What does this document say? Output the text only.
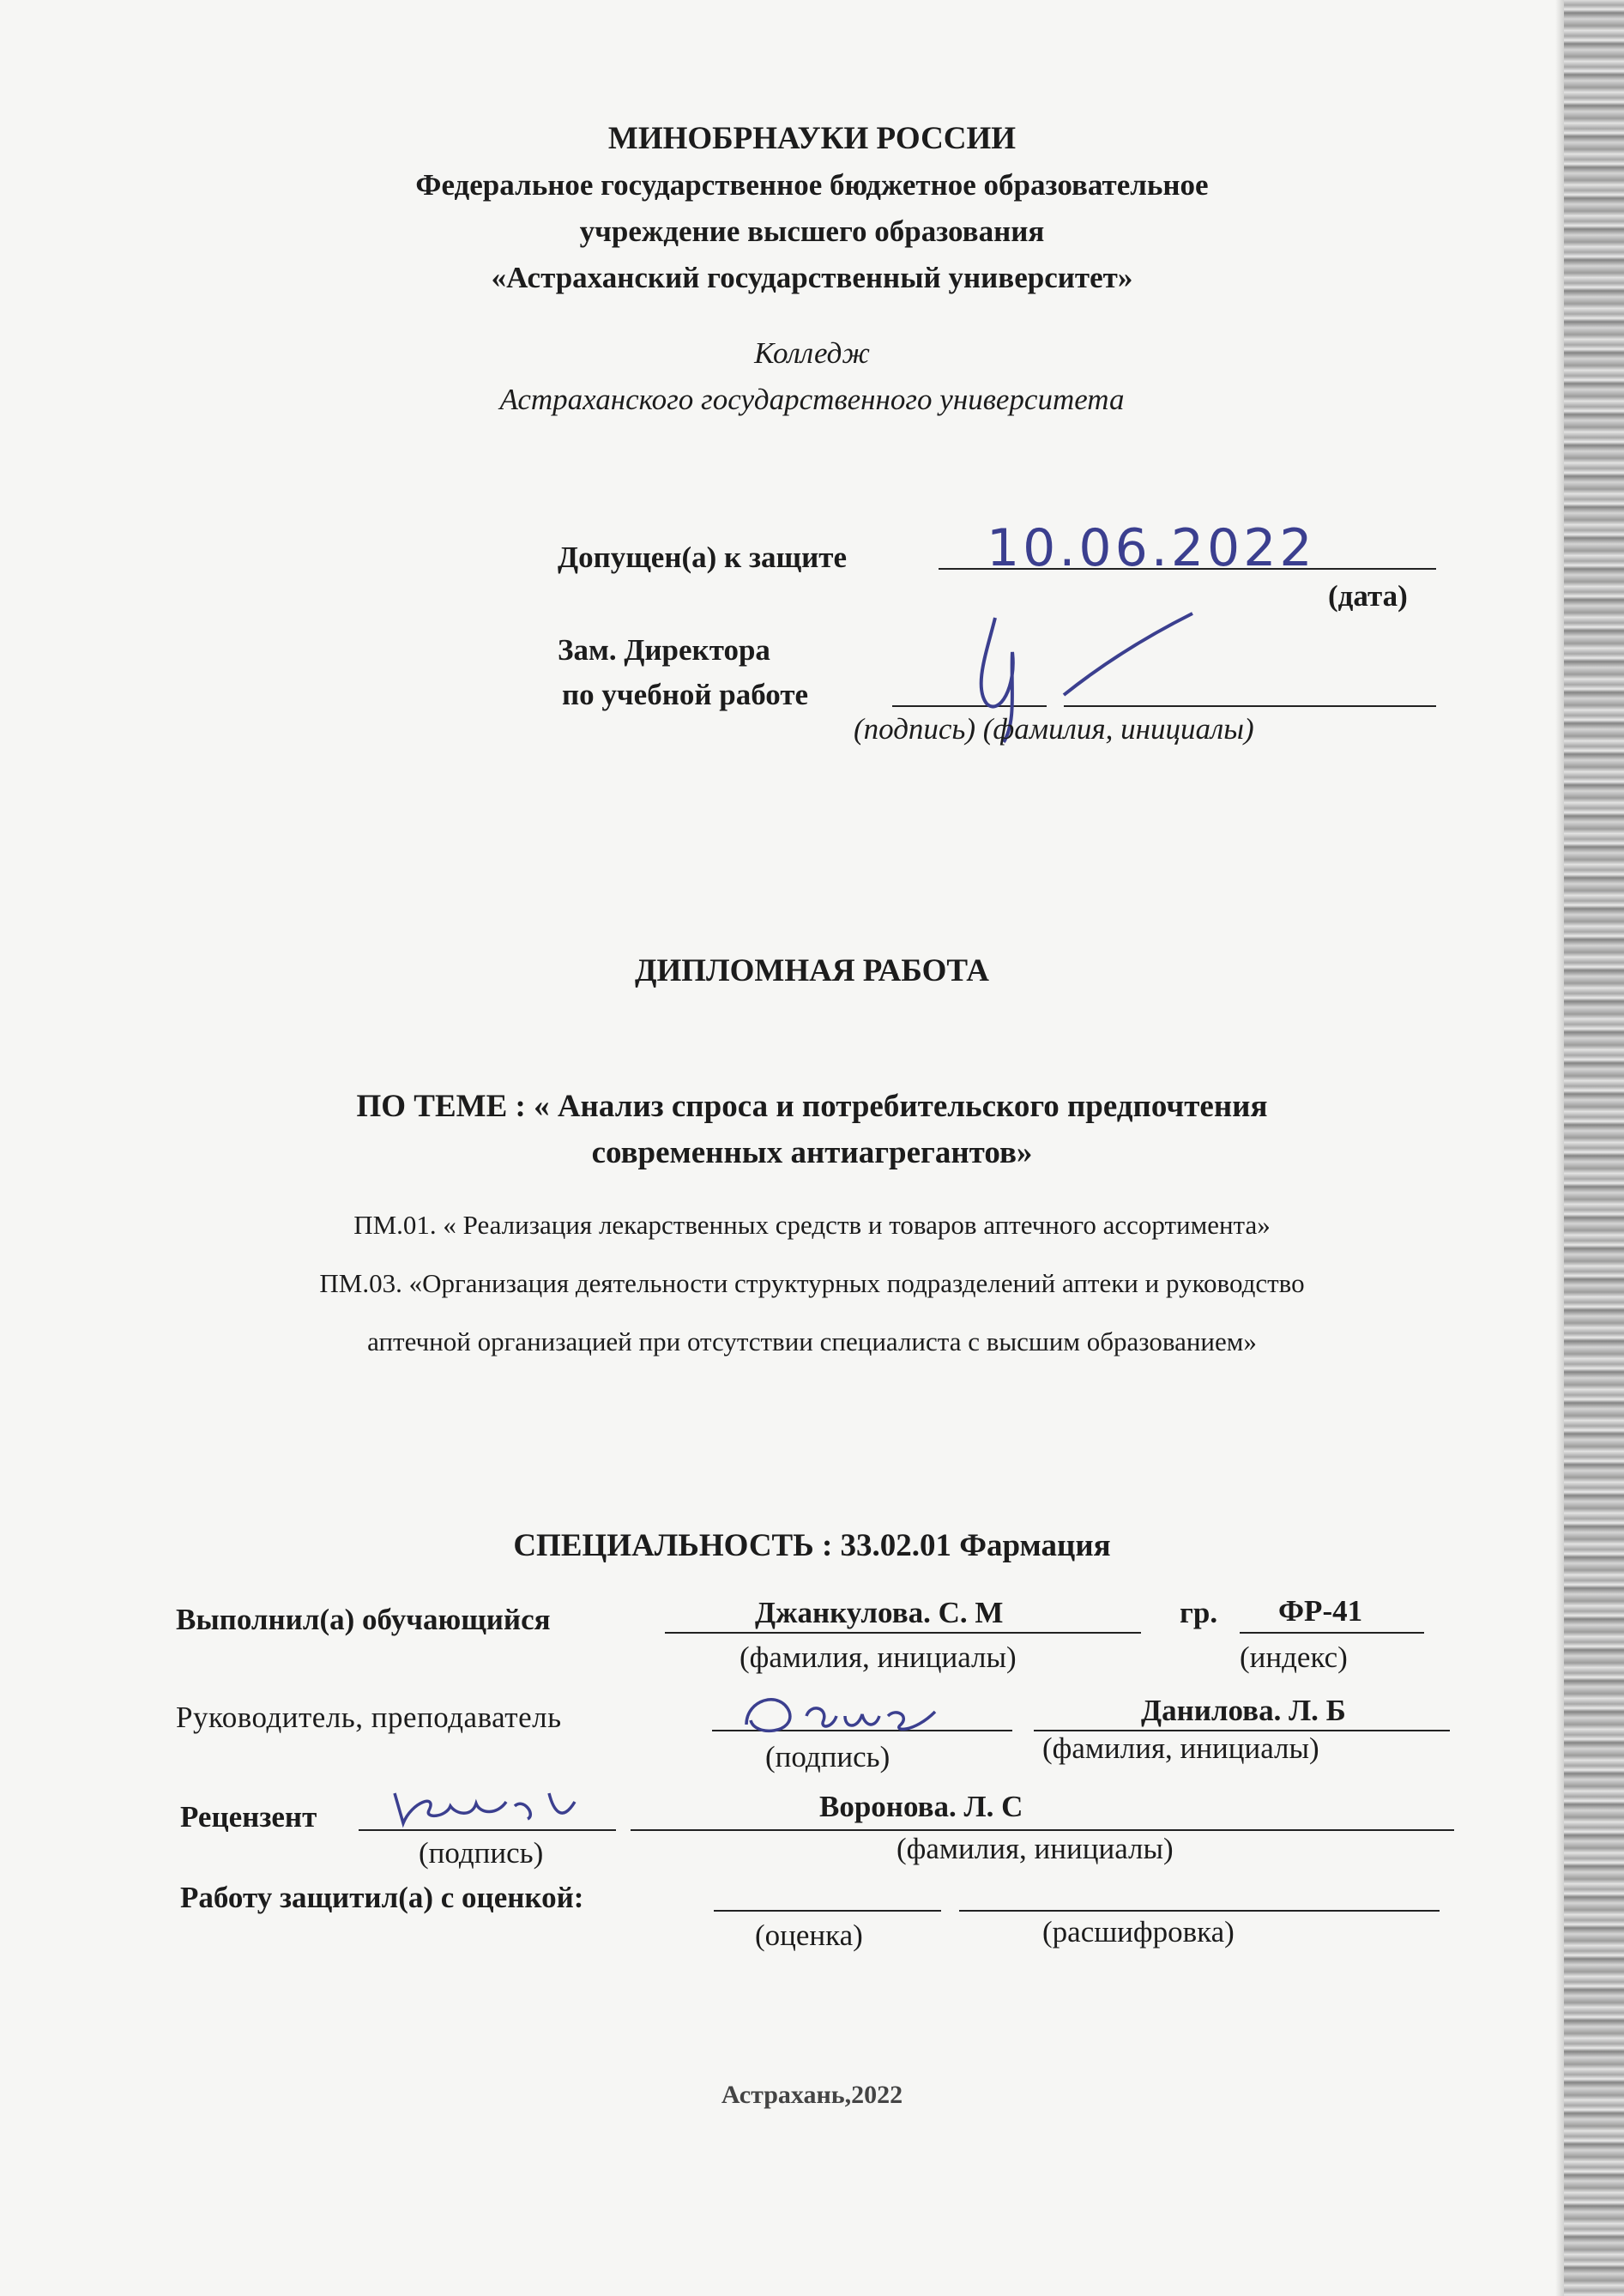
МИНОБРНАУКИ РОССИИ
Федеральное государственное бюджетное образовательное
учреждение высшего образования
«Астраханский государственный университет»
Колледж
Астраханского государственного университета
Допущен(а) к защите	10.06.2022
(дата)
Зам. Директора
по учебной работе
(подпись) (фамилия, инициалы)
ДИПЛОМНАЯ РАБОТА
ПО ТЕМЕ : « Анализ спроса и потребительского предпочтения
современных антиагрегантов»
ПМ.01. « Реализация лекарственных средств и товаров аптечного ассортимента»
ПМ.03. «Организация деятельности структурных подразделений аптеки и руководство
аптечной организацией при отсутствии специалиста с высшим образованием»
СПЕЦИАЛЬНОСТЬ : 33.02.01 Фармация
Выполнил(а) обучающийся	Джанкулова. С. М	гр. ФР-41
(фамилия, инициалы)	(индекс)
Руководитель, преподаватель	Данилова. Л. Б
(подпись)	(фамилия, инициалы)
Рецензент	Воронова. Л. С
(подпись)	(фамилия, инициалы)
Работу защитил(а) с оценкой:
(оценка)	(расшифровка)
Астрахань,2022
